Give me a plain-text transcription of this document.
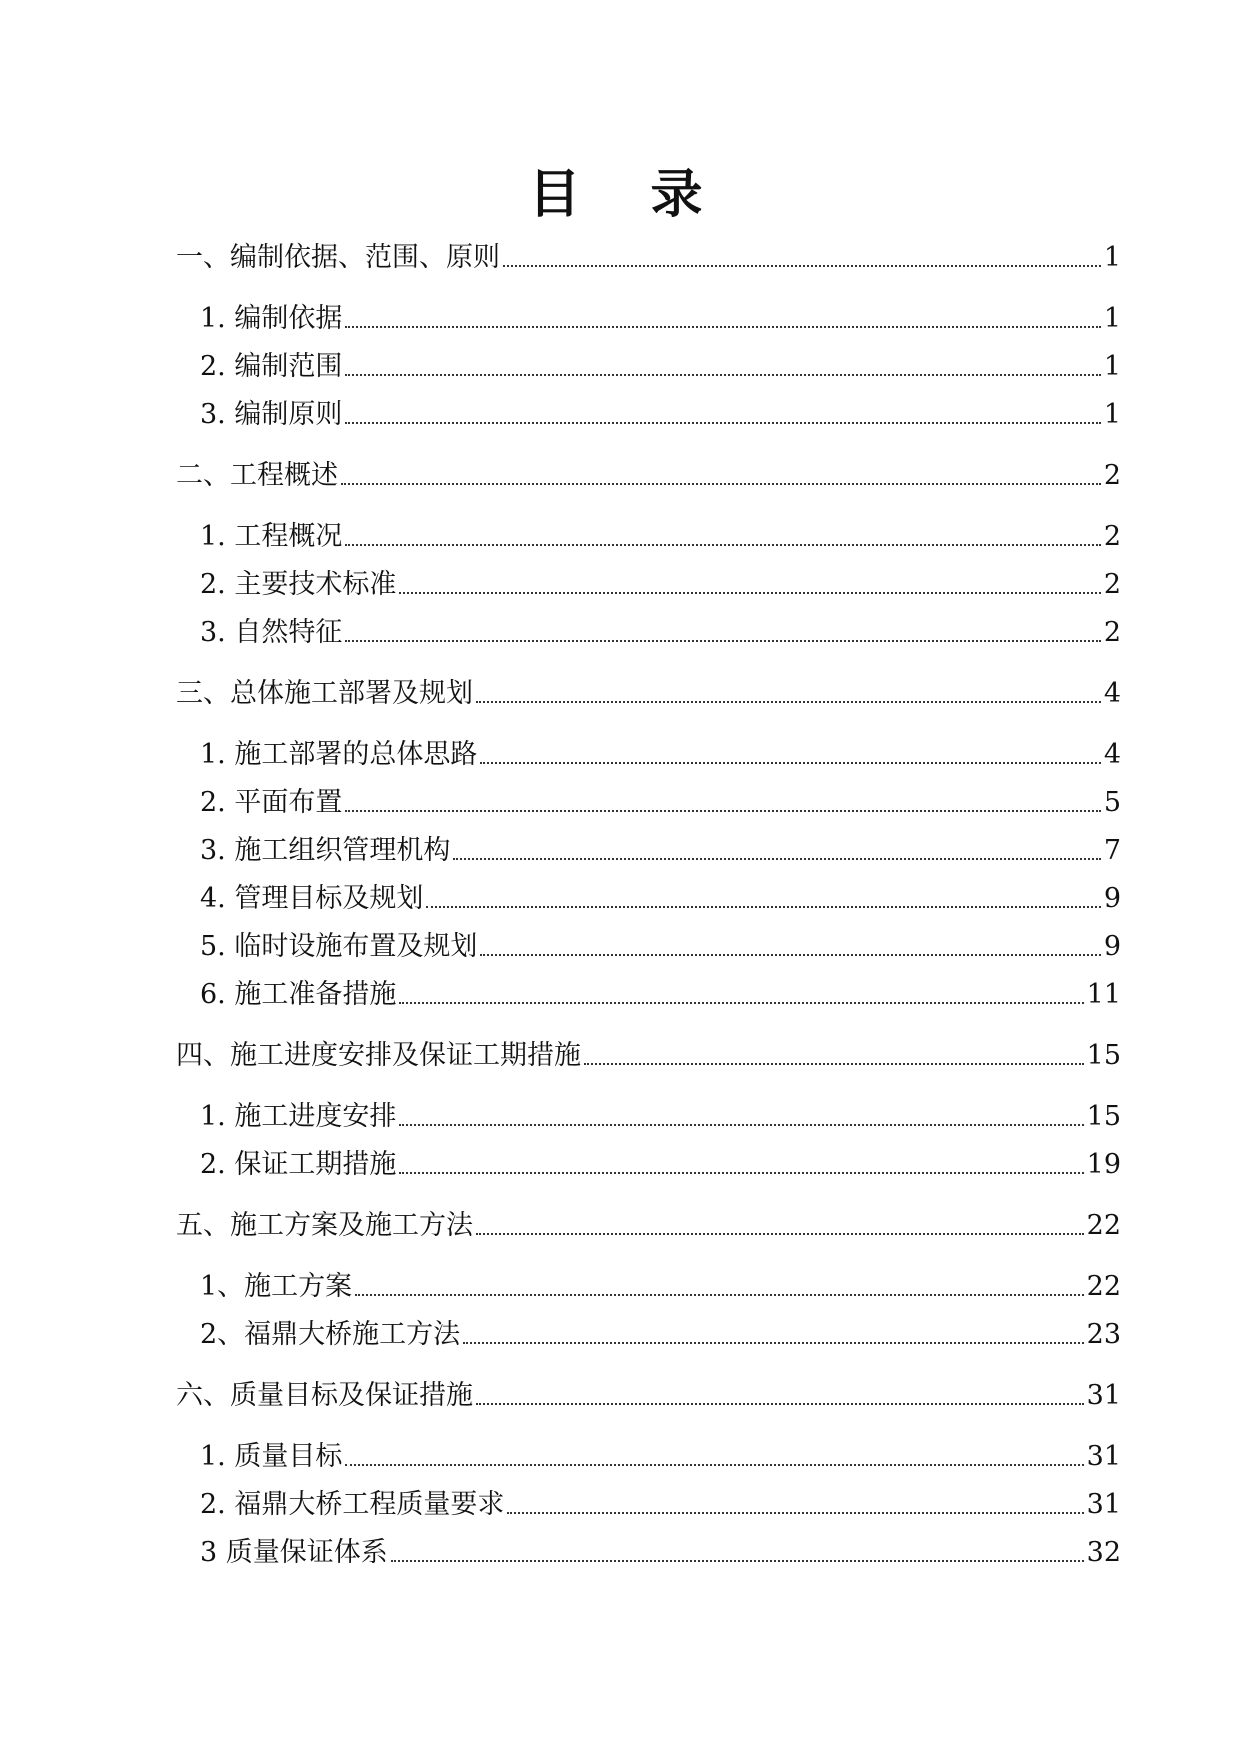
目 录
一、编制依据、范围、原则	1
1. 编制依据	1
2. 编制范围	1
3. 编制原则	1
二、工程概述	2
1. 工程概况	2
2. 主要技术标准	2
3. 自然特征	2
三、总体施工部署及规划	4
1. 施工部署的总体思路	4
2. 平面布置	5
3. 施工组织管理机构	7
4. 管理目标及规划	9
5. 临时设施布置及规划	9
6. 施工准备措施	11
四、施工进度安排及保证工期措施	15
1. 施工进度安排	15
2. 保证工期措施	19
五、施工方案及施工方法	22
1、施工方案	22
2、福鼎大桥施工方法	23
六、质量目标及保证措施	31
1. 质量目标	31
2. 福鼎大桥工程质量要求	31
3 质量保证体系	32
